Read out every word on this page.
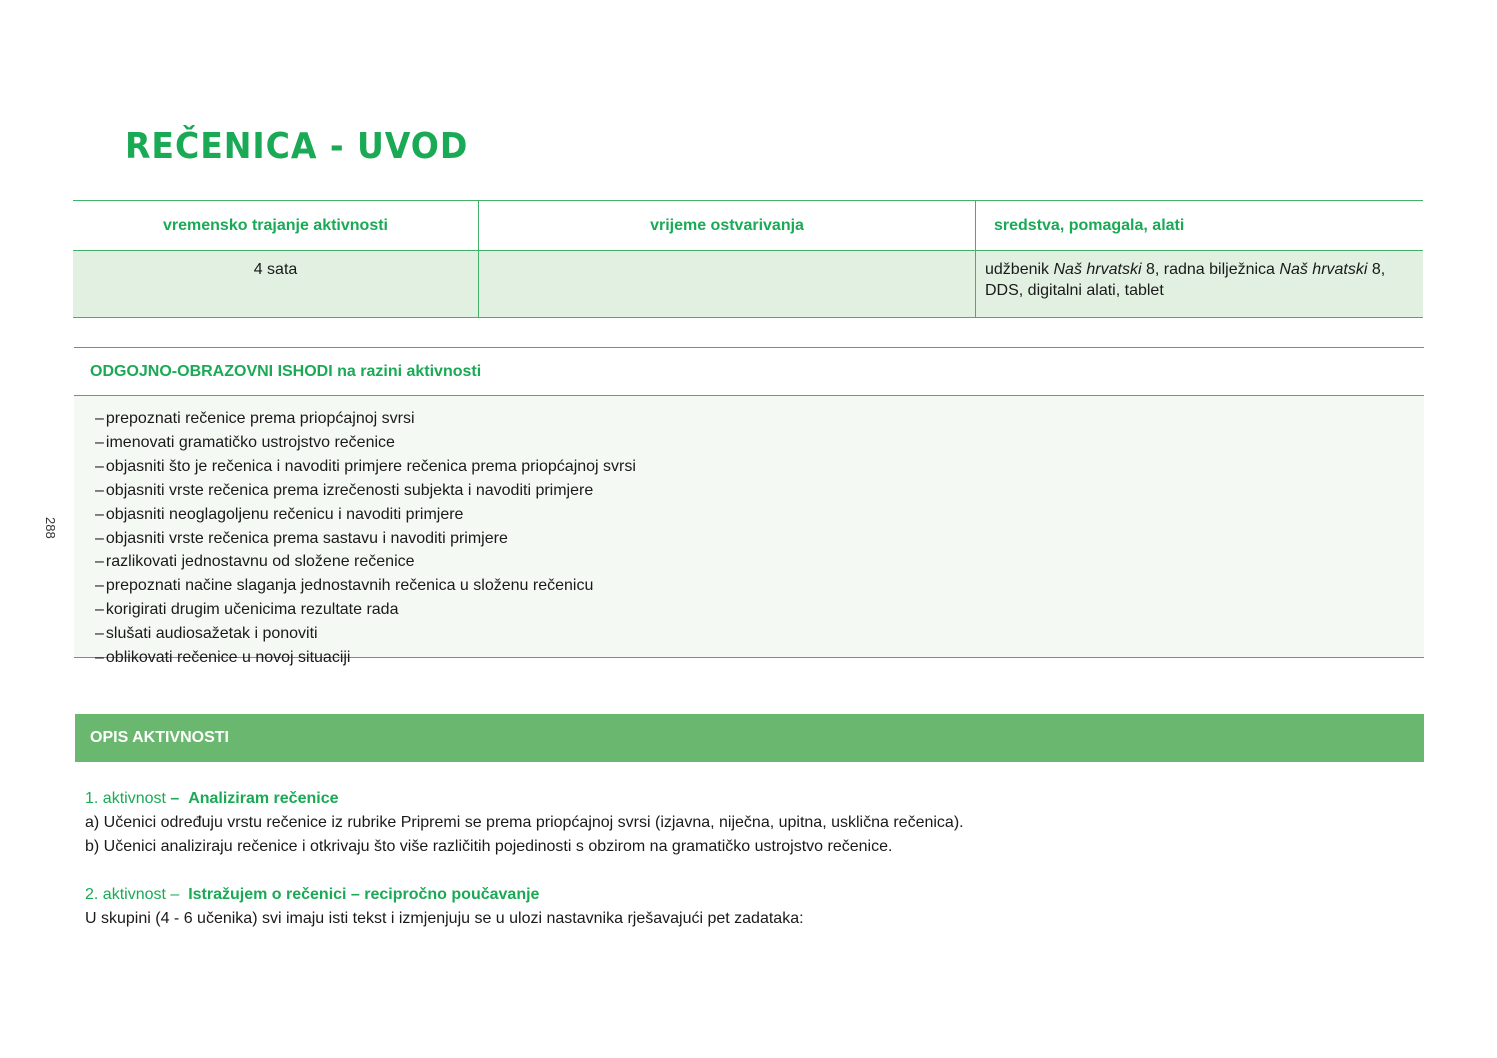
REČENICA - UVOD
288
vremensko trajanje aktivnosti	vrijeme ostvarivanja	sredstva, pomagala, alati
4 sata		udžbenik Naš hrvatski 8, radna bilježnica Naš hrvatski 8, DDS, digitalni alati, tablet
ODGOJNO-OBRAZOVNI ISHODI na razini aktivnosti
– prepoznati rečenice prema priopćajnoj svrsi
– imenovati gramatičko ustrojstvo rečenice
– objasniti što je rečenica i navoditi primjere rečenica prema priopćajnoj svrsi
– objasniti vrste rečenica prema izrečenosti subjekta i navoditi primjere
– objasniti neoglagoljenu rečenicu i navoditi primjere
– objasniti vrste rečenica prema sastavu i navoditi primjere
– razlikovati jednostavnu od složene rečenice
– prepoznati načine slaganja jednostavnih rečenica u složenu rečenicu
– korigirati drugim učenicima rezultate rada
– slušati audiosažetak i ponoviti
– oblikovati rečenice u novoj situaciji
OPIS AKTIVNOSTI

1. aktivnost – Analiziram rečenice

a) Učenici određuju vrstu rečenice iz rubrike Pripremi se prema priopćajnoj svrsi (izjavna, niječna, upitna, usklična rečenica).

b) Učenici analiziraju rečenice i otkrivaju što više različitih pojedinosti s obzirom na gramatičko ustrojstvo rečenice.

2. aktivnost – Istražujem o rečenici – recipročno poučavanje

U skupini (4 - 6 učenika) svi imaju isti tekst i izmjenjuju se u ulozi nastavnika rješavajući pet zadataka:
